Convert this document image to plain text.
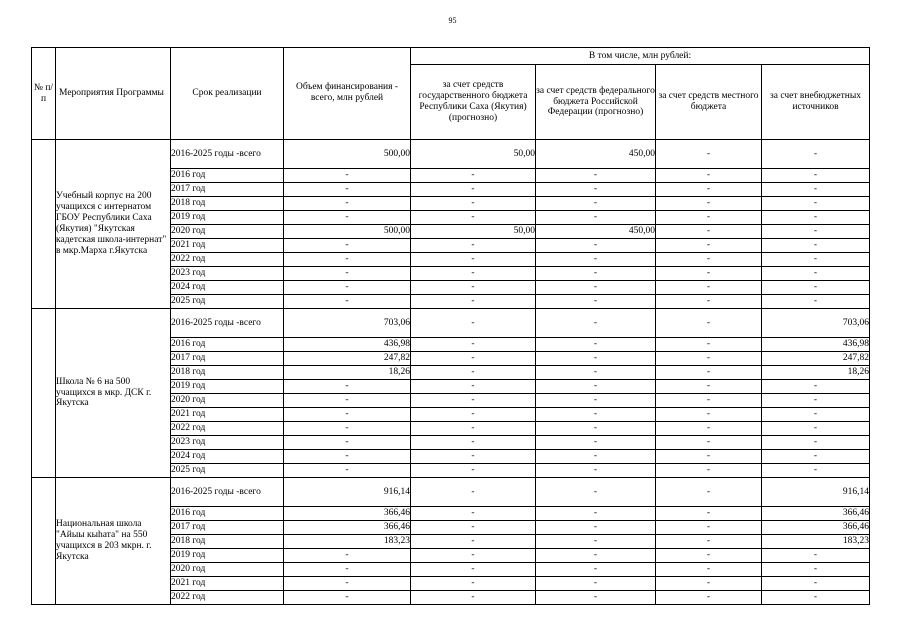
95
№ п/п	Мероприятия Программы	Срок реализации	Объем финансирования - всего, млн рублей	В том числе, млн рублей:			
				за счет средств государственного бюджета Республики Саха (Якутия) (прогнозно)	за счет средств федерального бюджета Российской Федерации (прогнозно)	за счет средств местного бюджета	за счет внебюджетных источников
	Учебный корпус на 200 учащихся с интернатом ГБОУ Республики Саха (Якутия) "Якутская кадетская школа-интернат" в мкр.Марха г.Якутска	2016-2025 годы -всего	500,00	50,00	450,00	-	-
		2016 год	-	-	-	-	-
		2017 год	-	-	-	-	-
		2018 год	-	-	-	-	-
		2019 год	-	-	-	-	-
		2020 год	500,00	50,00	450,00	-	-
		2021 год	-	-	-	-	-
		2022 год	-	-	-	-	-
		2023 год	-	-	-	-	-
		2024 год	-	-	-	-	-
		2025 год	-	-	-	-	-
	Школа № 6 на 500 учащихся в мкр. ДСК г. Якутска	2016-2025 годы -всего	703,06	-	-	-	703,06
		2016 год	436,98	-	-	-	436,98
		2017 год	247,82	-	-	-	247,82
		2018 год	18,26	-	-	-	18,26
		2019 год	-	-	-	-	-
		2020 год	-	-	-	-	-
		2021 год	-	-	-	-	-
		2022 год	-	-	-	-	-
		2023 год	-	-	-	-	-
		2024 год	-	-	-	-	-
		2025 год	-	-	-	-	-
	Национальная школа "Айыы кыhата" на 550 учащихся в 203 мкрн. г. Якутска	2016-2025 годы -всего	916,14	-	-	-	916,14
		2016 год	366,46	-	-	-	366,46
		2017 год	366,46	-	-	-	366,46
		2018 год	183,23	-	-	-	183,23
		2019 год	-	-	-	-	-
		2020 год	-	-	-	-	-
		2021 год	-	-	-	-	-
		2022 год	-	-	-	-	-
